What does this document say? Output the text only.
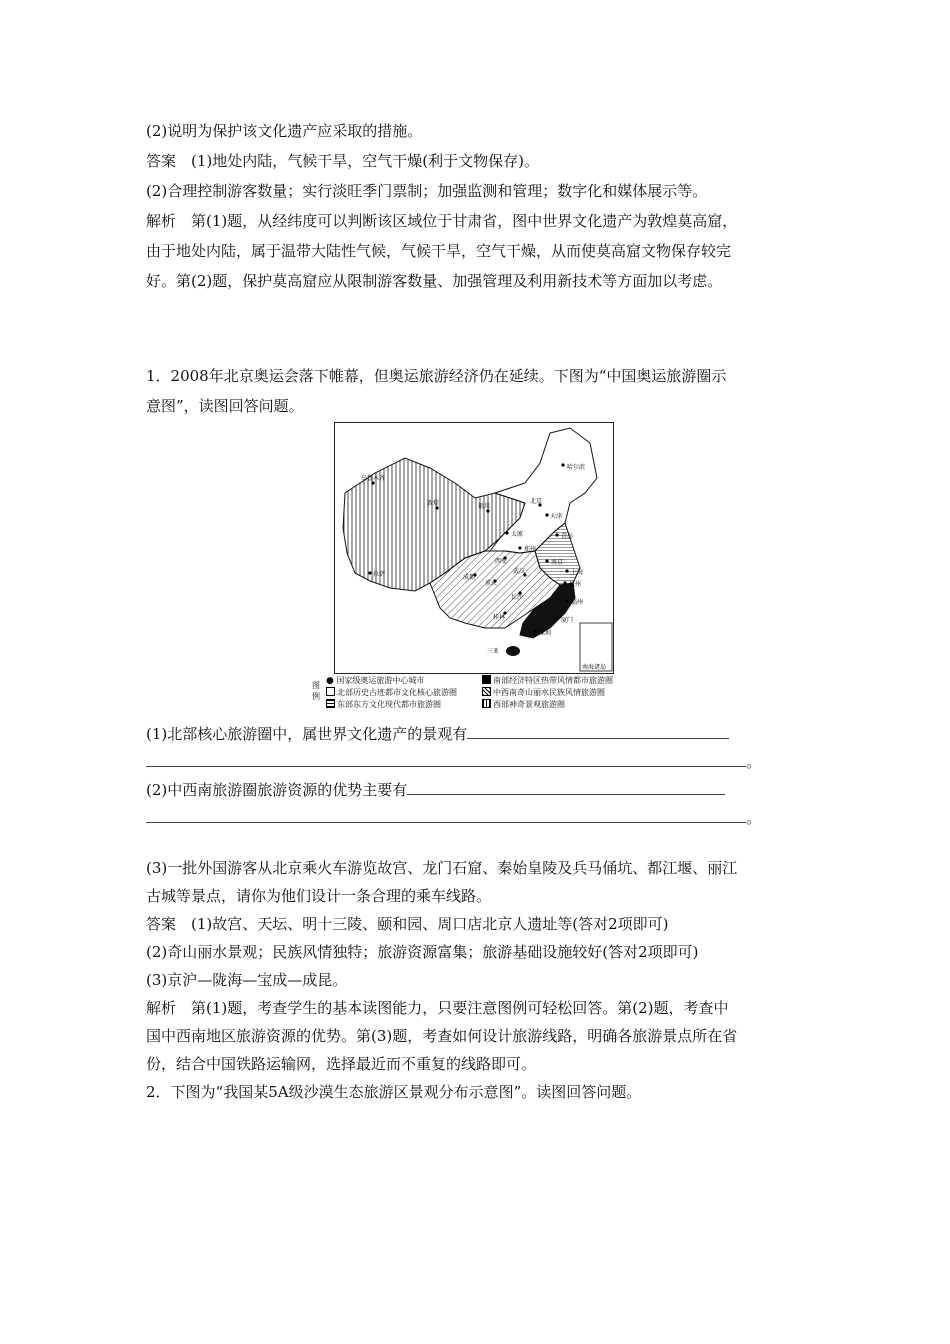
(2)说明为保护该文化遗产应采取的措施。
答案　(1)地处内陆，气候干旱，空气干燥(利于文物保存)。
(2)合理控制游客数量；实行淡旺季门票制；加强监测和管理；数字化和媒体展示等。
解析　第(1)题，从经纬度可以判断该区域位于甘肃省，图中世界文化遗产为敦煌莫高窟，
由于地处内陆，属于温带大陆性气候，气候干旱，空气干燥，从而使莫高窟文物保存较完
好。第(2)题，保护莫高窟应从限制游客数量、加强管理及利用新技术等方面加以考虑。
1．2008年北京奥运会落下帷幕，但奥运旅游经济仍在延续。下图为“中国奥运旅游圈示
意图”，读图回答问题。
南海诸岛
哈尔滨
北京
天津
乌鲁木齐
敦煌	银川
太原	青岛
郑州
南京
西安
上海
成都
武汉
杭州
重庆
长沙
拉萨
福州
桂林	厦门
深圳
三亚
图例
● 国家级奥运旅游中心城市	南部经济特区热带风情都市旅游圈
北部历史古迹都市文化核心旅游圈	中西南奇山丽水民族风情旅游圈
东部东方文化现代都市旅游圈	西部神奇景观旅游圈
(1)北部核心旅游圈中，属世界文化遗产的景观有
。
(2)中西南旅游圈旅游资源的优势主要有
。
(3)一批外国游客从北京乘火车游览故宫、龙门石窟、秦始皇陵及兵马俑坑、都江堰、丽江
古城等景点，请你为他们设计一条合理的乘车线路。
答案　(1)故宫、天坛、明十三陵、颐和园、周口店北京人遗址等(答对2项即可)
(2)奇山丽水景观；民族风情独特；旅游资源富集；旅游基础设施较好(答对2项即可)
(3)京沪—陇海—宝成—成昆。
解析　第(1)题，考查学生的基本读图能力，只要注意图例可轻松回答。第(2)题，考查中
国中西南地区旅游资源的优势。第(3)题，考查如何设计旅游线路，明确各旅游景点所在省
份，结合中国铁路运输网，选择最近而不重复的线路即可。
2．下图为“我国某5A级沙漠生态旅游区景观分布示意图”。读图回答问题。
